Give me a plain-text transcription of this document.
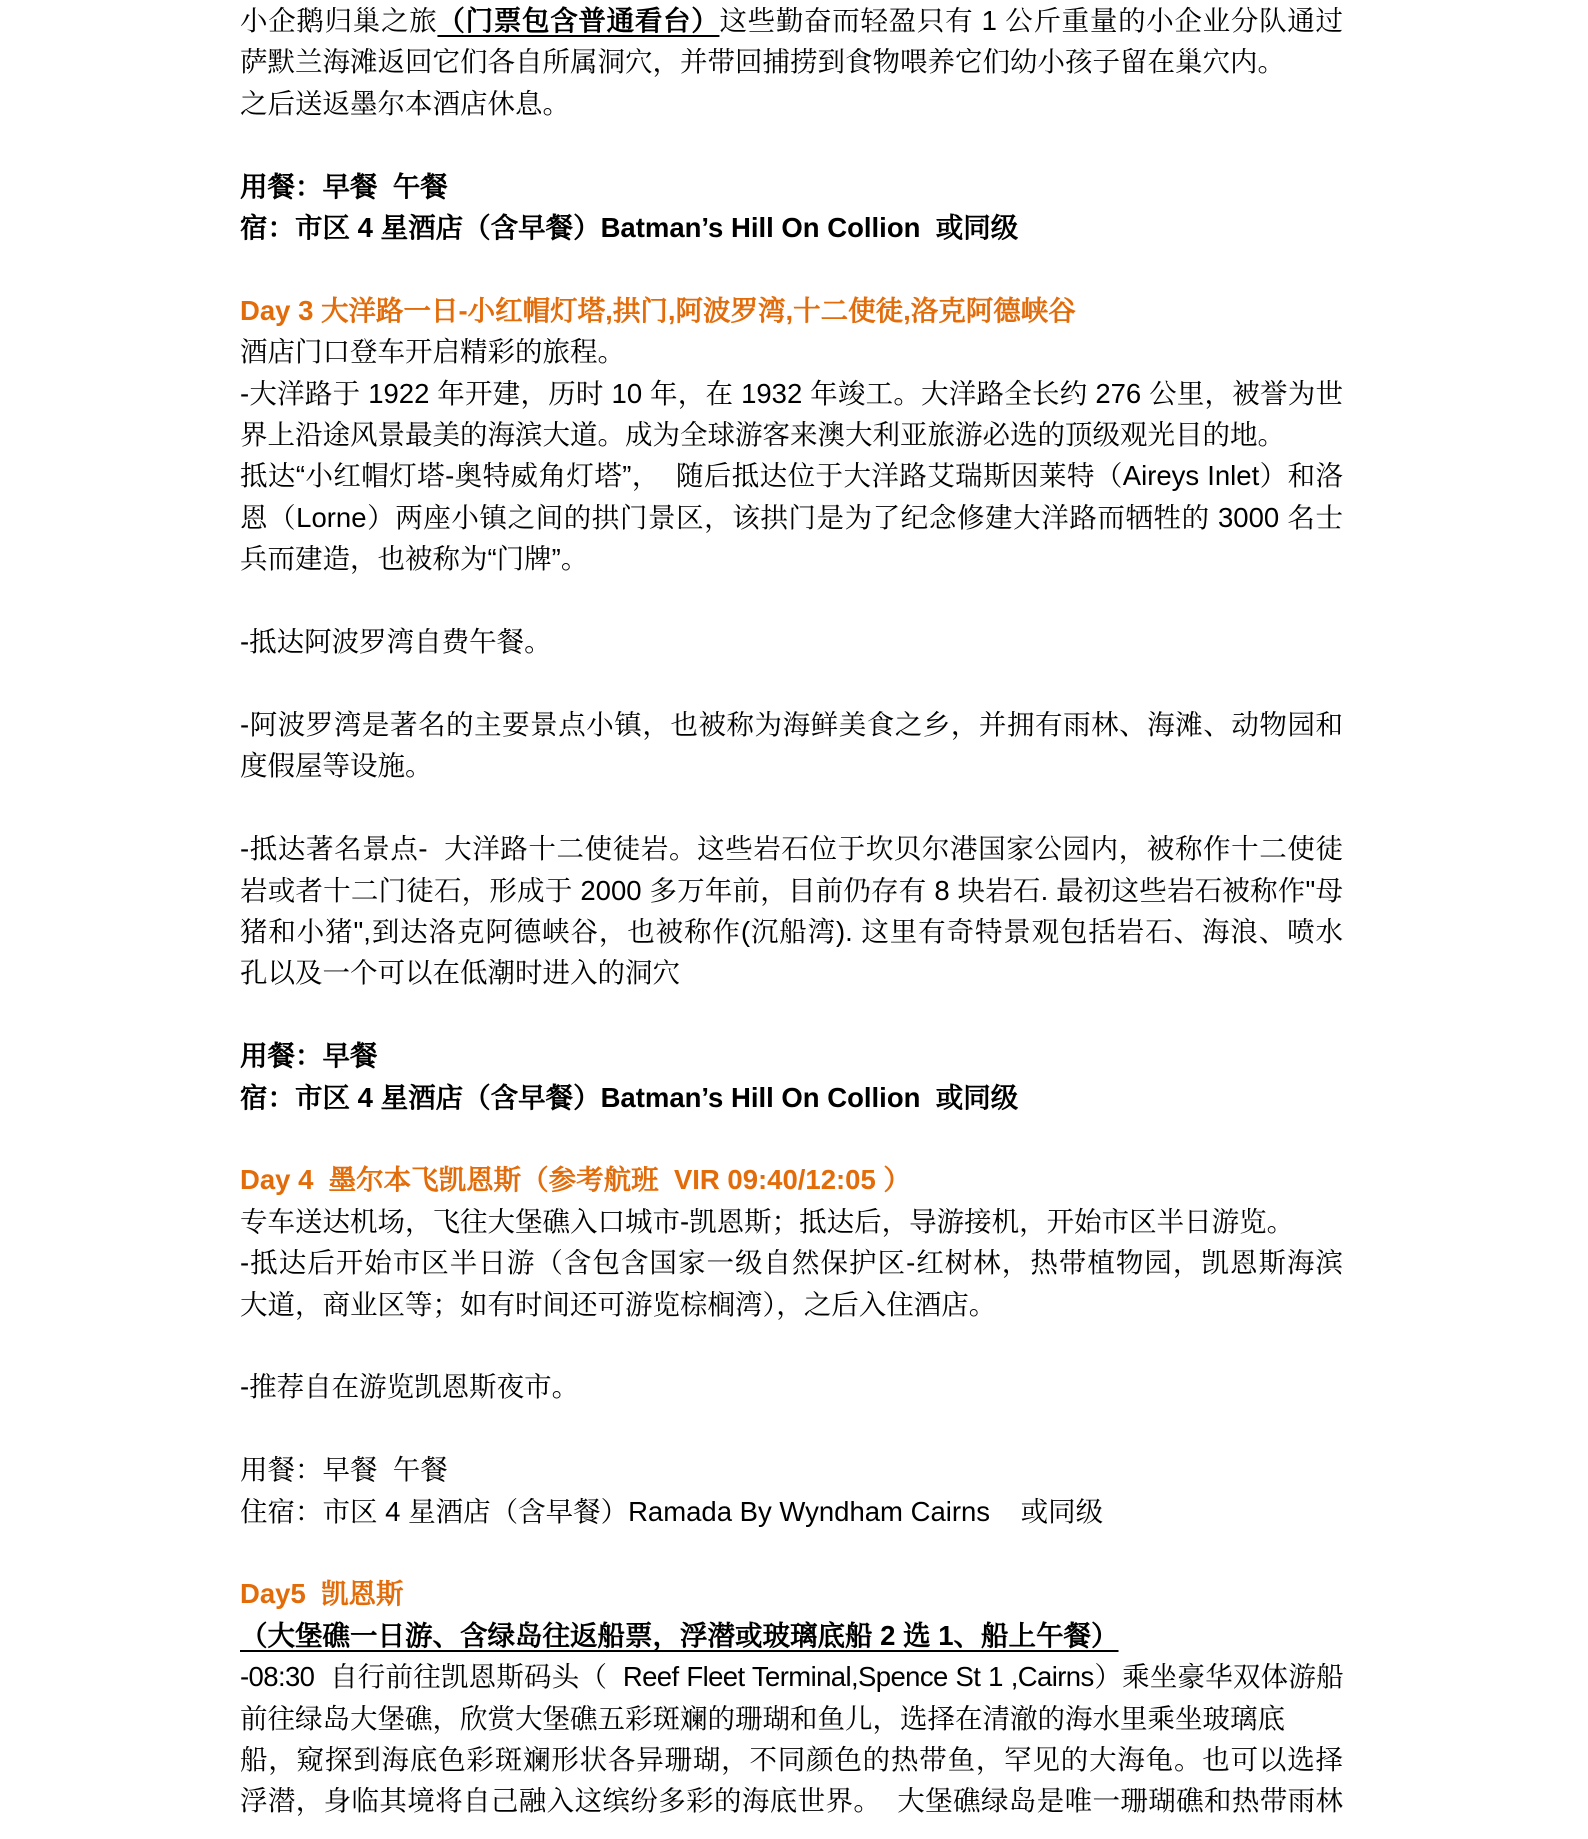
小企鹅归巢之旅（门票包含普通看台）这些勤奋而轻盈只有 1 公斤重量的小企业分队通过
萨默兰海滩返回它们各自所属洞穴，并带回捕捞到食物喂养它们幼小孩子留在巢穴内。
之后送返墨尔本酒店休息。
用餐：早餐  午餐
宿：市区 4 星酒店（含早餐）Batman’s Hill On Collion  或同级
Day 3 大洋路一日-小红帽灯塔,拱门,阿波罗湾,十二使徒,洛克阿德峡谷
酒店门口登车开启精彩的旅程。
-大洋路于 1922 年开建，历时 10 年，在 1932 年竣工。大洋路全长约 276 公里，被誉为世
界上沿途风景最美的海滨大道。成为全球游客来澳大利亚旅游必选的顶级观光目的地。
抵达“小红帽灯塔-奥特威角灯塔”，  随后抵达位于大洋路艾瑞斯因莱特（Aireys Inlet）和洛
恩（Lorne）两座小镇之间的拱门景区，该拱门是为了纪念修建大洋路而牺牲的 3000 名士
兵而建造，也被称为“门牌”。
-抵达阿波罗湾自费午餐。
-阿波罗湾是著名的主要景点小镇，也被称为海鲜美食之乡，并拥有雨林、海滩、动物园和
度假屋等设施。
-抵达著名景点-  大洋路十二使徒岩。这些岩石位于坎贝尔港国家公园内，被称作十二使徒
岩或者十二门徒石，形成于 2000 多万年前，目前仍存有 8 块岩石. 最初这些岩石被称作"母
猪和小猪",到达洛克阿德峡谷，也被称作(沉船湾). 这里有奇特景观包括岩石、海浪、喷水
孔以及一个可以在低潮时进入的洞穴
用餐：早餐
宿：市区 4 星酒店（含早餐）Batman’s Hill On Collion  或同级
Day 4  墨尔本飞凯恩斯（参考航班  VIR 09:40/12:05 ）
专车送达机场，飞往大堡礁入口城市-凯恩斯；抵达后，导游接机，开始市区半日游览。
-抵达后开始市区半日游（含包含国家一级自然保护区-红树林，热带植物园，凯恩斯海滨
大道，商业区等；如有时间还可游览棕榈湾），之后入住酒店。
-推荐自在游览凯恩斯夜市。
用餐：早餐  午餐
住宿：市区 4 星酒店（含早餐）Ramada By Wyndham Cairns    或同级
Day5  凯恩斯
（大堡礁一日游、含绿岛往返船票，浮潜或玻璃底船 2 选 1、船上午餐）
-08:30  自行前往凯恩斯码头（  Reef Fleet Terminal,Spence St 1 ,Cairns）乘坐豪华双体游船
前往绿岛大堡礁，欣赏大堡礁五彩斑斓的珊瑚和鱼儿，选择在清澈的海水里乘坐玻璃底
船，窥探到海底色彩斑斓形状各异珊瑚，不同颜色的热带鱼，罕见的大海龟。也可以选择
浮潜，身临其境将自己融入这缤纷多彩的海底世界。  大堡礁绿岛是唯一珊瑚礁和热带雨林
